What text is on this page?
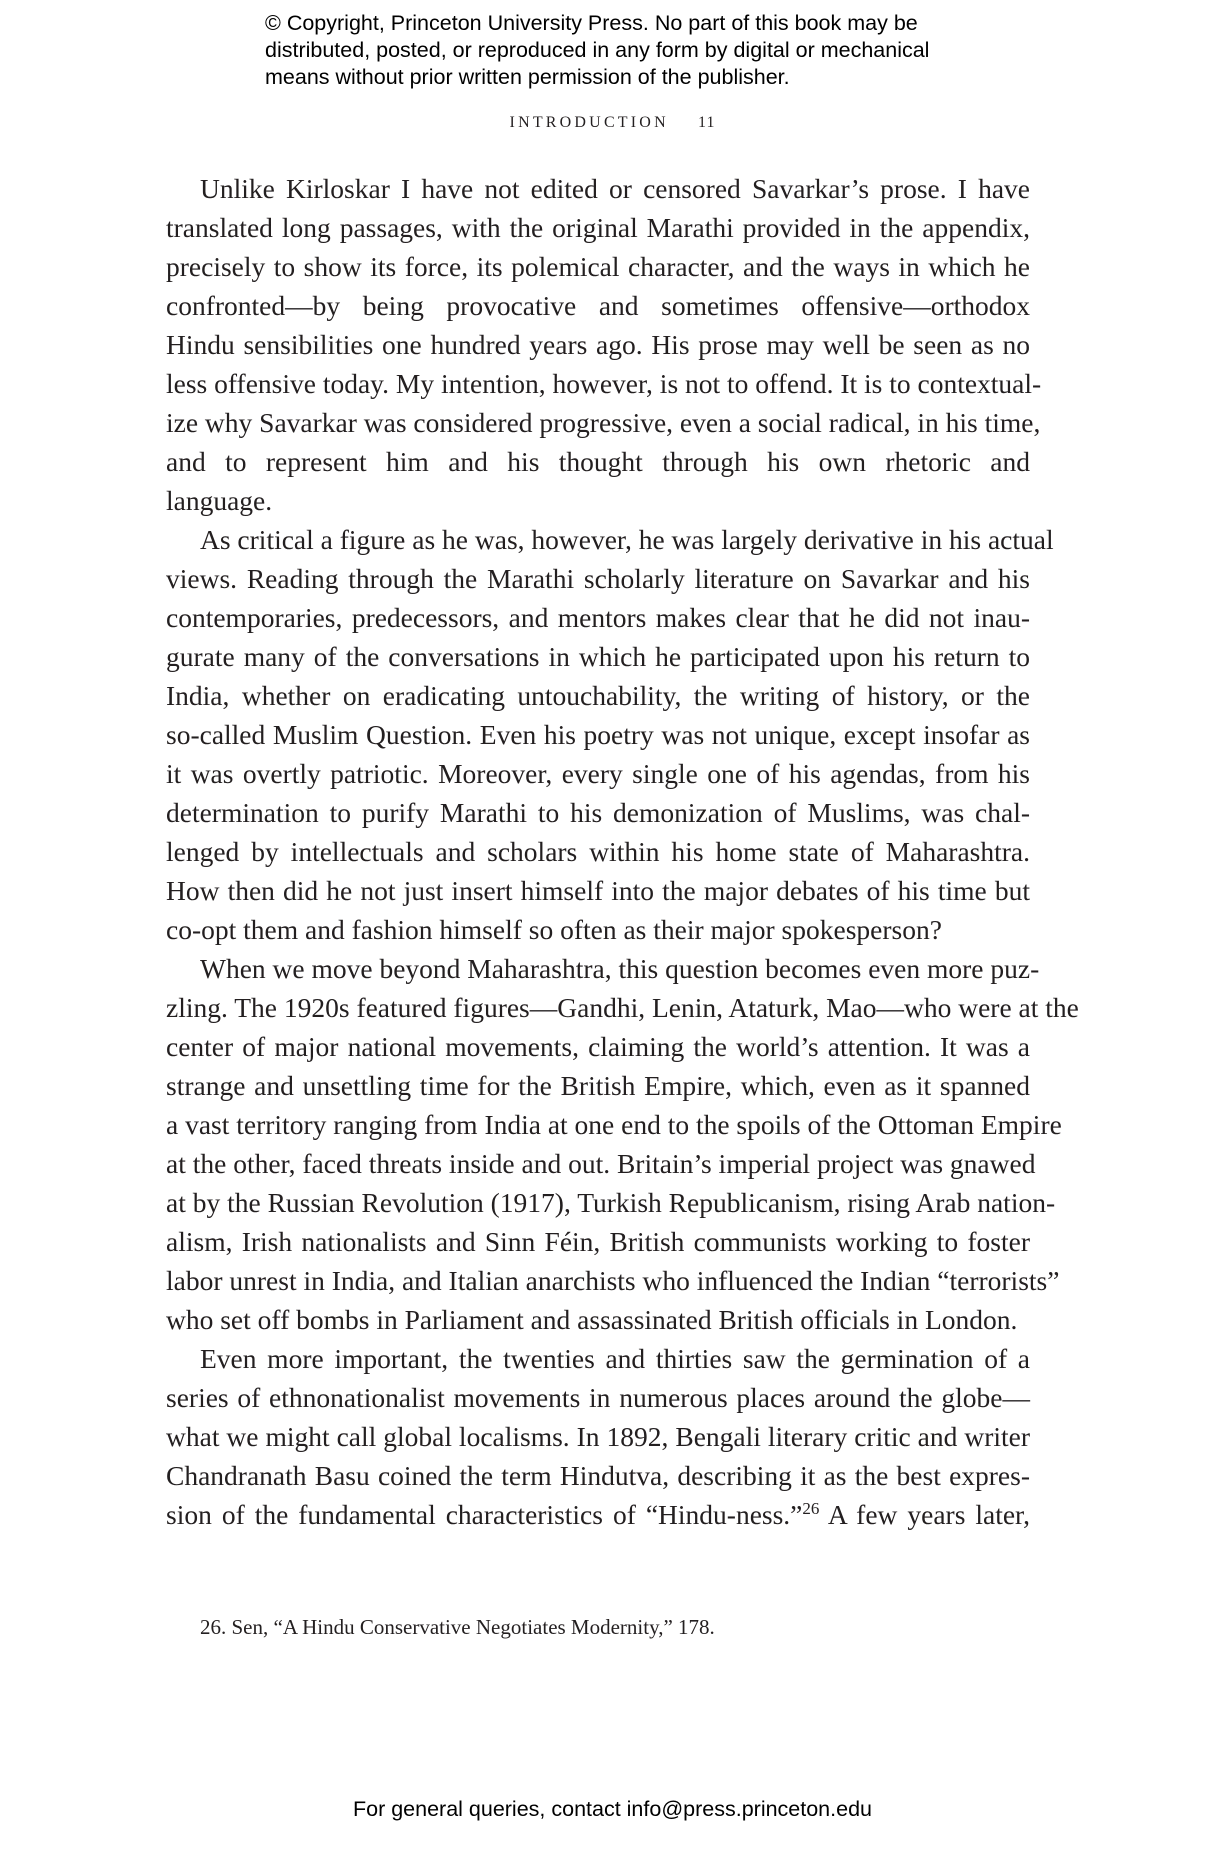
© Copyright, Princeton University Press. No part of this book may be
distributed, posted, or reproduced in any form by digital or mechanical
means without prior written permission of the publisher.
INTRODUCTION 11
Unlike Kirloskar I have not edited or censored Savarkar’s prose. I have
translated long passages, with the original Marathi provided in the appendix,
precisely to show its force, its polemical character, and the ways in which he
confronted—by being provocative and sometimes offensive—orthodox
Hindu sensibilities one hundred years ago. His prose may well be seen as no
less offensive today. My intention, however, is not to offend. It is to contextual-
ize why Savarkar was considered progressive, even a social radical, in his time,
and to represent him and his thought through his own rhetoric and
language.
As critical a figure as he was, however, he was largely derivative in his actual
views. Reading through the Marathi scholarly literature on Savarkar and his
contemporaries, predecessors, and mentors makes clear that he did not inau-
gurate many of the conversations in which he participated upon his return to
India, whether on eradicating untouchability, the writing of history, or the
so-called Muslim Question. Even his poetry was not unique, except insofar as
it was overtly patriotic. Moreover, every single one of his agendas, from his
determination to purify Marathi to his demonization of Muslims, was chal-
lenged by intellectuals and scholars within his home state of Maharashtra.
How then did he not just insert himself into the major debates of his time but
co-opt them and fashion himself so often as their major spokesperson?
When we move beyond Maharashtra, this question becomes even more puz-
zling. The 1920s featured figures—Gandhi, Lenin, Ataturk, Mao—who were at the
center of major national movements, claiming the world’s attention. It was a
strange and unsettling time for the British Empire, which, even as it spanned
a vast territory ranging from India at one end to the spoils of the Ottoman Empire
at the other, faced threats inside and out. Britain’s imperial project was gnawed
at by the Russian Revolution (1917), Turkish Republicanism, rising Arab nation-
alism, Irish nationalists and Sinn Féin, British communists working to foster
labor unrest in India, and Italian anarchists who influenced the Indian “terrorists”
who set off bombs in Parliament and assassinated British officials in London.
Even more important, the twenties and thirties saw the germination of a
series of ethnonationalist movements in numerous places around the globe—
what we might call global localisms. In 1892, Bengali literary critic and writer
Chandranath Basu coined the term Hindutva, describing it as the best expres-
sion of the fundamental characteristics of “Hindu-ness.”$^{26}$ A few years later,
26. Sen, “A Hindu Conservative Negotiates Modernity,” 178.
For general queries, contact info@press.princeton.edu
